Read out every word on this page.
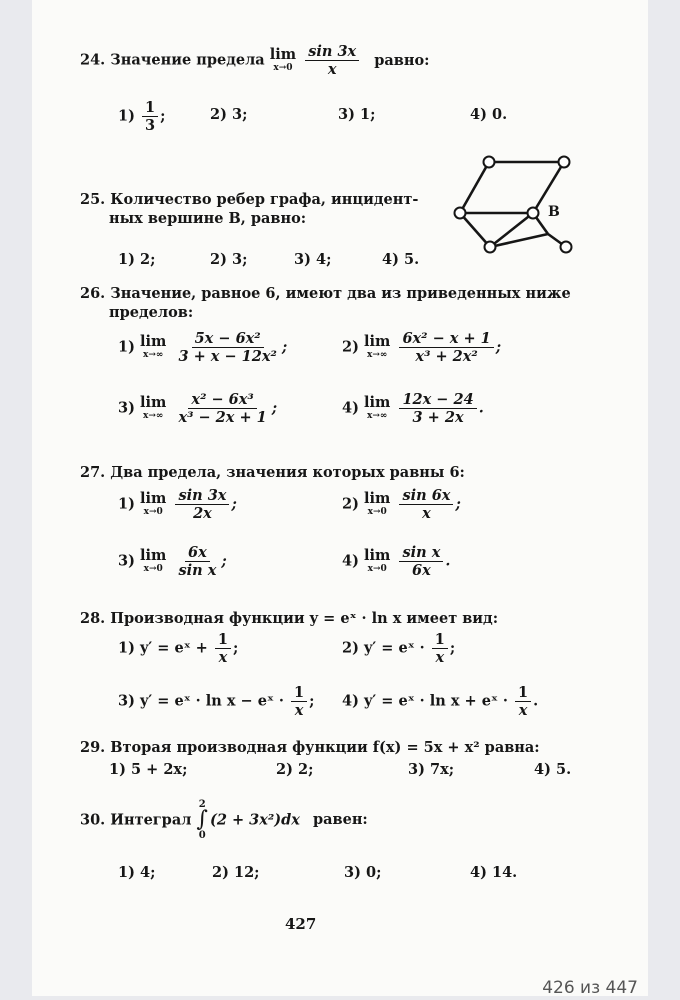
24. Значение предела lim
x→0
$\frac{\sin 3x}{x}$ равно:
$1) \frac{1}{3}$ ;	2) 3;	3) 1;	4) 0.
25. Количество ребер графа, инцидент-
ных вершине B, равно:	B
1) 2;	2) 3;	3) 4;	4) 5.
26. Значение, равное 6, имеют два из приведенных ниже
пределов:
1) lim
x→∞
$\frac{\text{5x − 6x²}}{\text{3 + x − 12x²}}$ ;	2) lim
x→∞
$\frac{\text{6x² − x + 1}}{\text{x³ + 2x²}}$ ;
3) lim
x→∞
$\frac{\text{x² − 6x³}}{\text{x³ − 2x + 1}}$ ;	4) lim
x→∞
$\frac{12x - 24}{3 + 2x}$ .
27. Два предела, значения которых равны 6:
1) lim
x→0
$\frac{\sin 3x}{2x}$ ;	2) lim
x→0
$\frac{\sin 6x}{x}$ ;
3) lim
x→0
$\frac{6x}{\text{sin x}}$ ;	4) lim
x→0
$\frac{\text{sin x}}{6x}$ .
28. Производная функции y = eˣ · ln x имеет вид:
1) y′ = eˣ + $\frac{1}{x}$ ;	2) y′ = eˣ · $\frac{1}{x}$ ;
3) y′ = eˣ · ln x − eˣ · $\frac{1}{x}$ ; 4) y′ = eˣ · ln x + eˣ · $\frac{1}{x}$ .
29. Вторая производная функции f(x) = 5x + x² равна:
1) 5 + 2x;	2) 2;	3) 7x;	4) 5.
30. Интеграл
2
∫
0
(2 + 3x²)dx равен:
1) 4;	2) 12;	3) 0;	4) 14.
427
426 из 447
